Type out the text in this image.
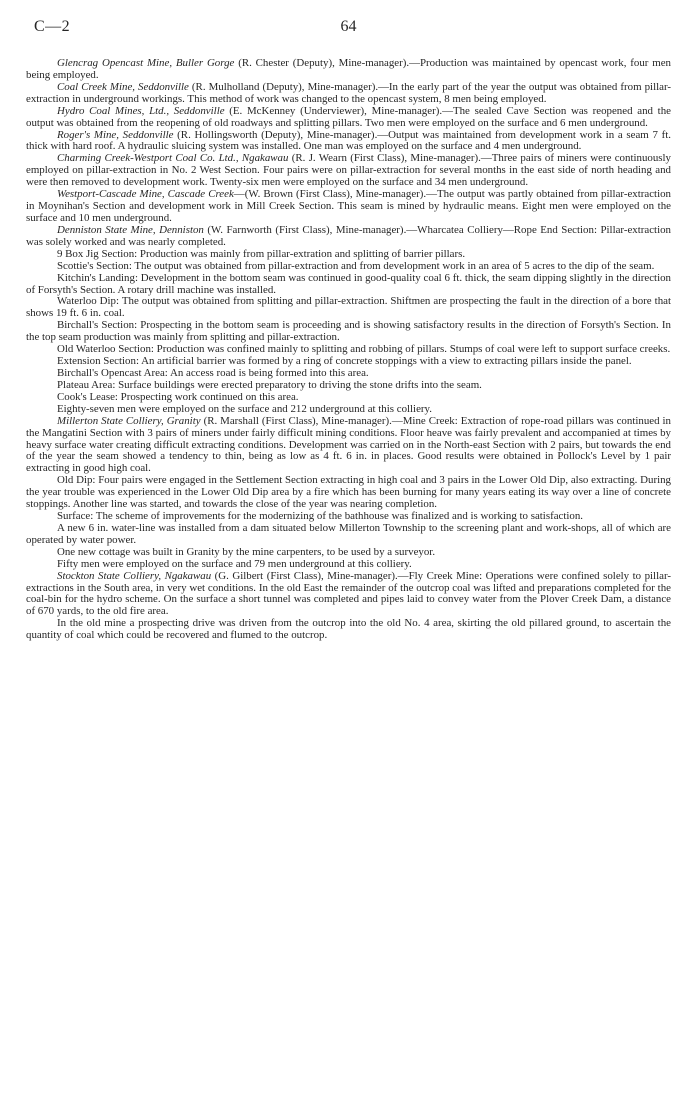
C—2	64

Glencrag Opencast Mine, Buller Gorge (R. Chester (Deputy), Mine-manager).—Production was maintained by opencast work, four men being employed.

Coal Creek Mine, Seddonville (R. Mulholland (Deputy), Mine-manager).—In the early part of the year the output was obtained from pillar-extraction in underground workings. This method of work was changed to the opencast system, 8 men being employed.

Hydro Coal Mines, Ltd., Seddonville (E. McKenney (Underviewer), Mine-manager).—The sealed Cave Section was reopened and the output was obtained from the reopening of old roadways and splitting pillars. Two men were employed on the surface and 6 men underground.

Roger's Mine, Seddonville (R. Hollingsworth (Deputy), Mine-manager).—Output was maintained from development work in a seam 7 ft. thick with hard roof. A hydraulic sluicing system was installed. One man was employed on the surface and 4 men underground.

Charming Creek-Westport Coal Co. Ltd., Ngakawau (R. J. Wearn (First Class), Mine-manager).—Three pairs of miners were continuously employed on pillar-extraction in No. 2 West Section. Four pairs were on pillar-extraction for several months in the east side of north heading and were then removed to development work. Twenty-six men were employed on the surface and 34 men underground.

Westport-Cascade Mine, Cascade Creek—(W. Brown (First Class), Mine-manager).—The output was partly obtained from pillar-extraction in Moynihan's Section and development work in Mill Creek Section. This seam is mined by hydraulic means. Eight men were employed on the surface and 10 men underground.

Denniston State Mine, Denniston (W. Farnworth (First Class), Mine-manager).—Wharcatea Colliery—Rope End Section: Pillar-extraction was solely worked and was nearly completed.

9 Box Jig Section: Production was mainly from pillar-extration and splitting of barrier pillars.

Scottie's Section: The output was obtained from pillar-extraction and from development work in an area of 5 acres to the dip of the seam.

Kitchin's Landing: Development in the bottom seam was continued in good-quality coal 6 ft. thick, the seam dipping slightly in the direction of Forsyth's Section. A rotary drill machine was installed.

Waterloo Dip: The output was obtained from splitting and pillar-extraction. Shiftmen are prospecting the fault in the direction of a bore that shows 19 ft. 6 in. coal.

Birchall's Section: Prospecting in the bottom seam is proceeding and is showing satisfactory results in the direction of Forsyth's Section. In the top seam production was mainly from splitting and pillar-extraction.

Old Waterloo Section: Production was confined mainly to splitting and robbing of pillars. Stumps of coal were left to support surface creeks.

Extension Section: An artificial barrier was formed by a ring of concrete stoppings with a view to extracting pillars inside the panel.

Birchall's Opencast Area: An access road is being formed into this area.

Plateau Area: Surface buildings were erected preparatory to driving the stone drifts into the seam.

Cook's Lease: Prospecting work continued on this area.

Eighty-seven men were employed on the surface and 212 underground at this colliery.

Millerton State Colliery, Granity (R. Marshall (First Class), Mine-manager).—Mine Creek: Extraction of rope-road pillars was continued in the Mangatini Section with 3 pairs of miners under fairly difficult mining conditions. Floor heave was fairly prevalent and accompanied at times by heavy surface water creating difficult extracting conditions. Development was carried on in the North-east Section with 2 pairs, but towards the end of the year the seam showed a tendency to thin, being as low as 4 ft. 6 in. in places. Good results were obtained in Pollock's Level by 1 pair extracting in good high coal.

Old Dip: Four pairs were engaged in the Settlement Section extracting in high coal and 3 pairs in the Lower Old Dip, also extracting. During the year trouble was experienced in the Lower Old Dip area by a fire which has been burning for many years eating its way over a line of concrete stoppings. Another line was started, and towards the close of the year was nearing completion.

Surface: The scheme of improvements for the modernizing of the bathhouse was finalized and is working to satisfaction.

A new 6 in. water-line was installed from a dam situated below Millerton Township to the screening plant and work-shops, all of which are operated by water power.

One new cottage was built in Granity by the mine carpenters, to be used by a surveyor.

Fifty men were employed on the surface and 79 men underground at this colliery.

Stockton State Colliery, Ngakawau (G. Gilbert (First Class), Mine-manager).—Fly Creek Mine: Operations were confined solely to pillar-extractions in the South area, in very wet conditions. In the old East the remainder of the outcrop coal was lifted and preparations completed for the coal-bin for the hydro scheme. On the surface a short tunnel was completed and pipes laid to convey water from the Plover Creek Dam, a distance of 670 yards, to the old fire area.

In the old mine a prospecting drive was driven from the outcrop into the old No. 4 area, skirting the old pillared ground, to ascertain the quantity of coal which could be recovered and flumed to the outcrop.
